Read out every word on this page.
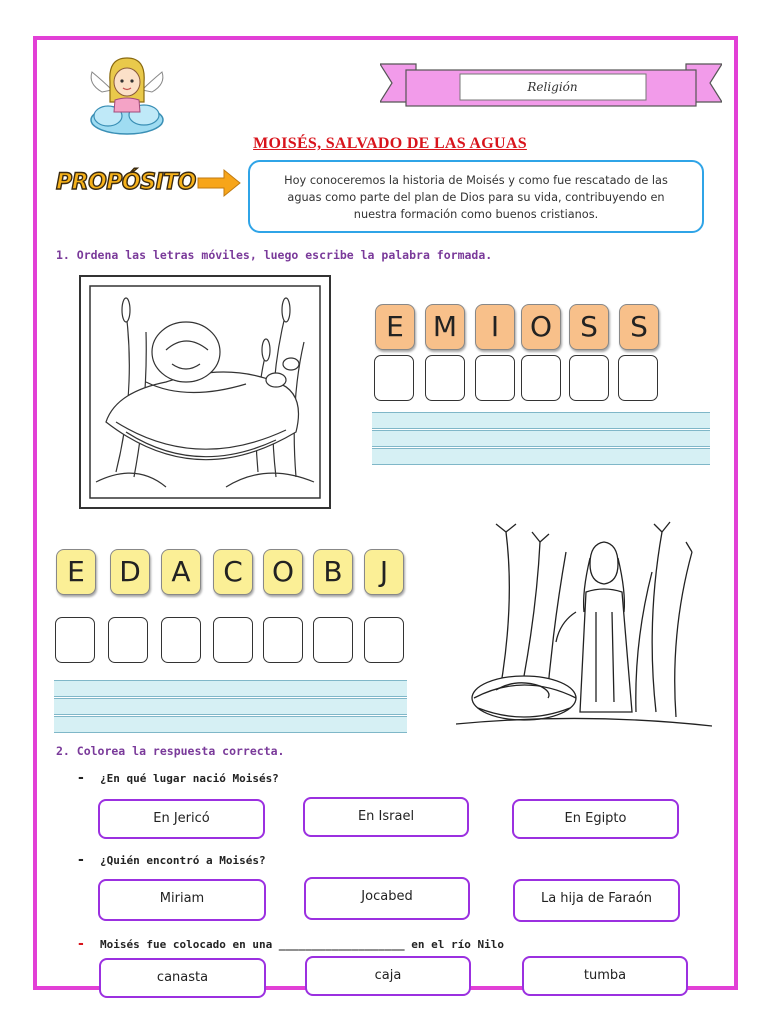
Religión
MOISÉS, SALVADO DE LAS AGUAS
PROPÓSITO	Hoy conoceremos la historia de Moisés y como fue rescatado de las aguas como parte del plan de Dios para su vida, contribuyendo en nuestra formación como buenos cristianos.
1. Ordena las letras móviles, luego escribe la palabra formada.
E	M	I	O	S	S
E	D	A	C	O	B	J
2. Colorea la respuesta correcta.
- ¿En qué lugar nació Moisés?
En Jericó	En Israel	En Egipto
- ¿Quién encontró a Moisés?
Miriam	Jocabed	La hija de Faraón
- Moisés fue colocado en una ___________________ en el río Nilo
canasta	caja	tumba
